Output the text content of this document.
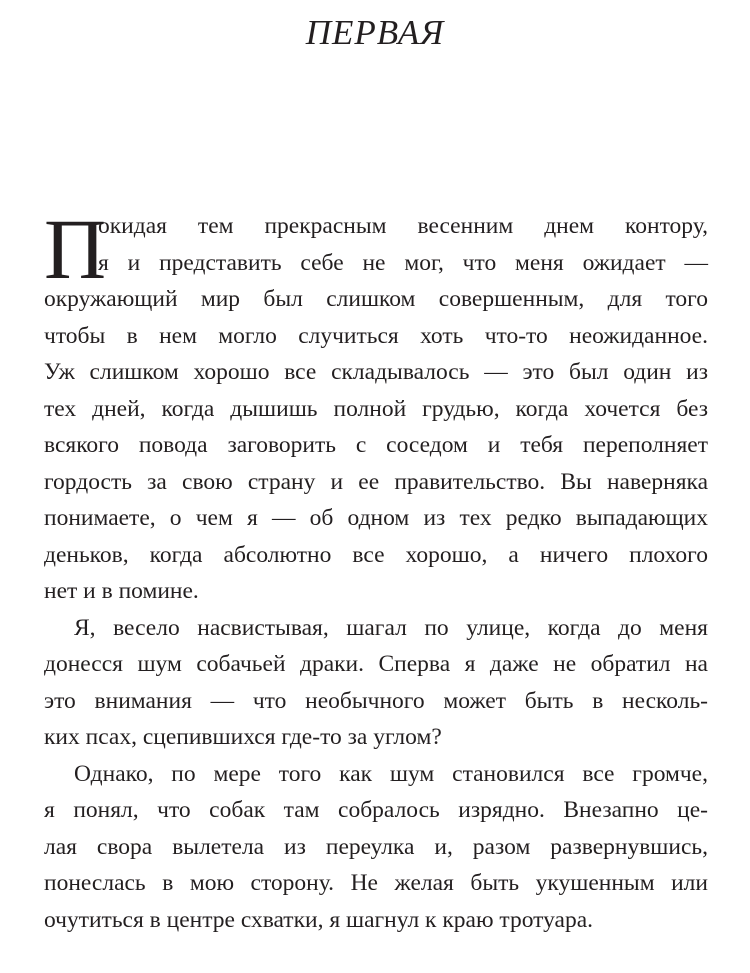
ПЕРВАЯ
П
окидая тем прекрасным весенним днем контору,
я и представить себе не мог, что меня ожидает —
окружающий мир был слишком совершенным, для того
чтобы в нем могло случиться хоть что-то неожиданное.
Уж слишком хорошо все складывалось — это был один из
тех дней, когда дышишь полной грудью, когда хочется без
всякого повода заговорить с соседом и тебя переполняет
гордость за свою страну и ее правительство. Вы наверняка
понимаете, о чем я — об одном из тех редко выпадающих
деньков, когда абсолютно все хорошо, а ничего плохого
нет и в помине.
Я, весело насвистывая, шагал по улице, когда до меня
донесся шум собачьей драки. Сперва я даже не обратил на
это внимания — что необычного может быть в несколь-
ких псах, сцепившихся где-то за углом?
Однако, по мере того как шум становился все громче,
я понял, что собак там собралось изрядно. Внезапно це-
лая свора вылетела из переулка и, разом развернувшись,
понеслась в мою сторону. Не желая быть укушенным или
очутиться в центре схватки, я шагнул к краю тротуара.
